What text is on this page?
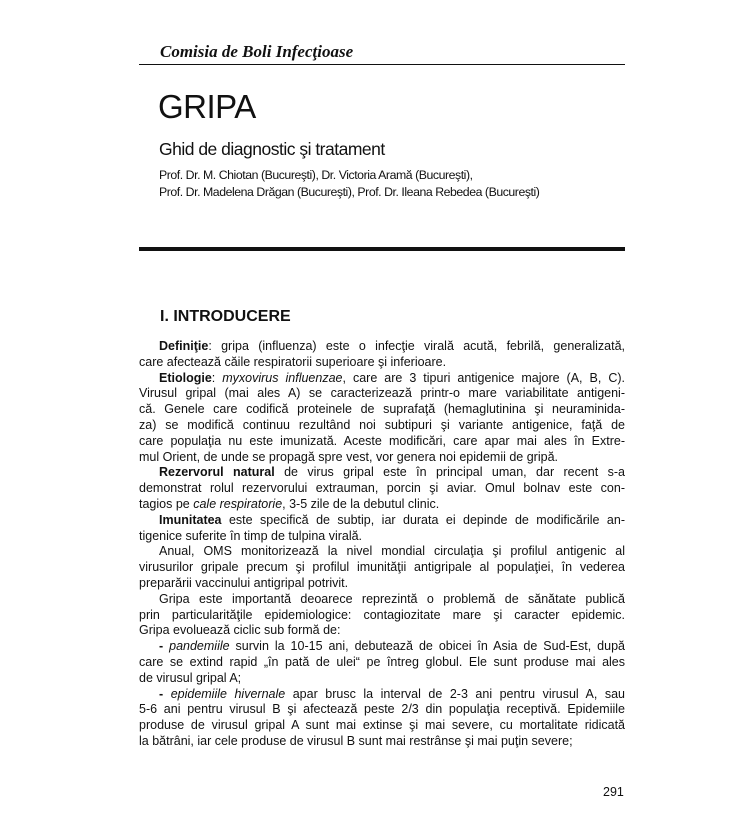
Comisia de Boli Infecţioase
GRIPA
Ghid de diagnostic şi tratament
Prof. Dr. M. Chiotan (Bucureşti), Dr. Victoria Aramă (Bucureşti),
Prof. Dr. Madelena Drăgan (Bucureşti), Prof. Dr. Ileana Rebedea (Bucureşti)
I. INTRODUCERE
Definiţie: gripa (influenza) este o infecţie virală acută, febrilă, generalizată,
care afectează căile respiratorii superioare şi inferioare.
Etiologie: myxovirus influenzae, care are 3 tipuri antigenice majore (A, B, C).
Virusul gripal (mai ales A) se caracterizează printr-o mare variabilitate antigeni-
că. Genele care codifică proteinele de suprafaţă (hemaglutinina şi neuraminida-
za) se modifică continuu rezultând noi subtipuri şi variante antigenice, faţă de
care populaţia nu este imunizată. Aceste modificări, care apar mai ales în Extre-
mul Orient, de unde se propagă spre vest, vor genera noi epidemii de gripă.
Rezervorul natural de virus gripal este în principal uman, dar recent s-a
demonstrat rolul rezervorului extrauman, porcin şi aviar. Omul bolnav este con-
tagios pe cale respiratorie, 3-5 zile de la debutul clinic.
Imunitatea este specifică de subtip, iar durata ei depinde de modificările an-
tigenice suferite în timp de tulpina virală.
Anual, OMS monitorizează la nivel mondial circulaţia şi profilul antigenic al
virusurilor gripale precum şi profilul imunităţii antigripale al populaţiei, în vederea
preparării vaccinului antigripal potrivit.
Gripa este importantă deoarece reprezintă o problemă de sănătate publică
prin particularităţile epidemiologice: contagiozitate mare şi caracter epidemic.
Gripa evoluează ciclic sub formă de:
- pandemiile survin la 10-15 ani, debutează de obicei în Asia de Sud-Est, după
care se extind rapid „în pată de ulei“ pe întreg globul. Ele sunt produse mai ales
de virusul gripal A;
- epidemiile hivernale apar brusc la interval de 2-3 ani pentru virusul A, sau
5-6 ani pentru virusul B şi afectează peste 2/3 din populaţia receptivă. Epidemiile
produse de virusul gripal A sunt mai extinse şi mai severe, cu mortalitate ridicată
la bătrâni, iar cele produse de virusul B sunt mai restrânse şi mai puţin severe;
291
